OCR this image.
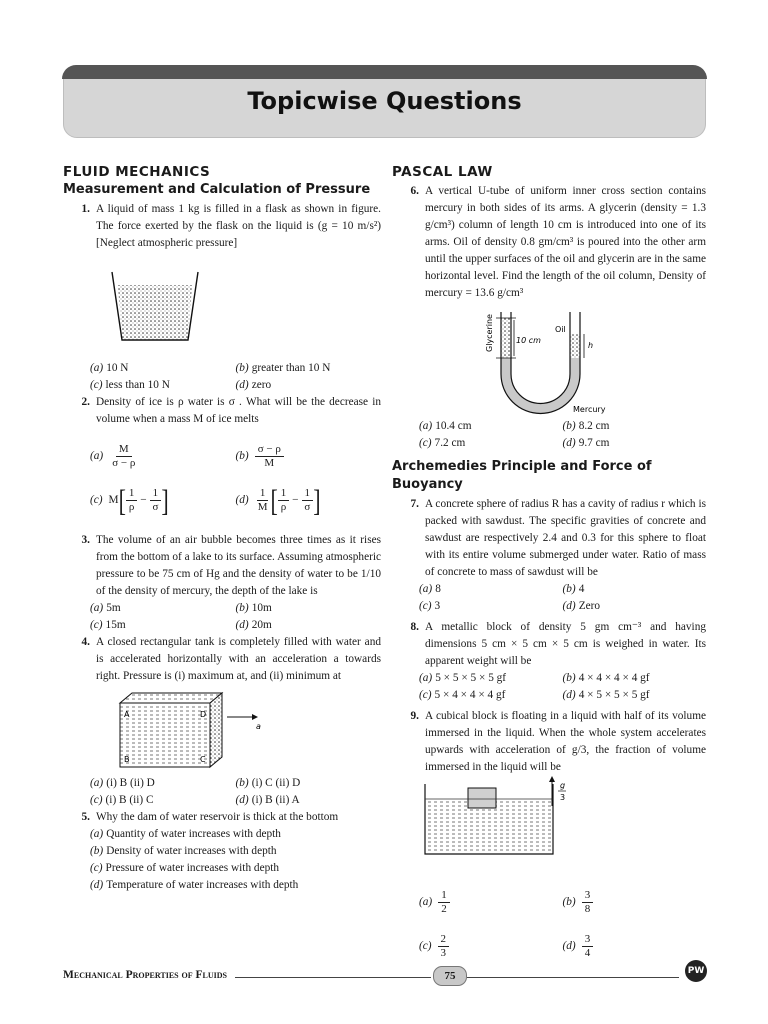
Topicwise Questions

FLUID MECHANICS

Measurement and Calculation of Pressure

1. A liquid of mass 1 kg is filled in a flask as shown in figure. The force exerted by the flask on the liquid is (g = 10 m/s²) [Neglect atmospheric pressure]

(a) 10 N	(b) greater than 10 N
(c) less than 10 N	(d) zero

2. Density of ice is ρ water is σ . What will be the decrease in volume when a mass M of ice melts

$(a) \frac{M}{\sigma - \rho}$	$(b) \frac{\sigma - \rho}{M}$
(c) M [ $\frac{1}{\rho} - \frac{1}{\sigma}$ ]	$(d) \frac{1}{M}$ [ $\frac{1}{\rho} - \frac{1}{\sigma}$ ]

3. The volume of an air bubble becomes three times as it rises from the bottom of a lake to its surface. Assuming atmospheric pressure to be 75 cm of Hg and the density of water to be 1/10 of the density of mercury, the depth of the lake is

(a) 5m	(b) 10m
(c) 15m	(d) 20m

4. A closed rectangular tank is completely filled with water and is accelerated horizontally with an acceleration a towards right. Pressure is (i) maximum at, and (ii) minimum at

A	D
B	C
a
(a) (i) B (ii) D	(b) (i) C (ii) D
(c) (i) B (ii) C	(d) (i) B (ii) A

5. Why the dam of water reservoir is thick at the bottom

(a) Quantity of water increases with depth
(b) Density of water increases with depth
(c) Pressure of water increases with depth
(d) Temperature of water increases with depth

PASCAL LAW

6. A vertical U-tube of uniform inner cross section contains mercury in both sides of its arms. A glycerin (density = 1.3 g/cm³) column of length 10 cm is introduced into one of its arms. Oil of density 0.8 gm/cm³ is poured into the other arm until the upper surfaces of the oil and glycerin are in the same horizontal level. Find the length of the oil column, Density of mercury = 13.6 g/cm³

10 cm
Glycerine	Oil
h
Mercury
(a) 10.4 cm	(b) 8.2 cm
(c) 7.2 cm	(d) 9.7 cm

Archemedies Principle and Force of Buoyancy

7. A concrete sphere of radius R has a cavity of radius r which is packed with sawdust. The specific gravities of concrete and sawdust are respectively 2.4 and 0.3 for this sphere to float with its entire volume submerged under water. Ratio of mass of concrete to mass of sawdust will be

(a) 8	(b) 4
(c) 3	(d) Zero

8. A metallic block of density 5 gm cm⁻³ and having dimensions 5 cm × 5 cm × 5 cm is weighed in water. Its apparent weight will be

(a) 5 × 5 × 5 × 5 gf	(b) 4 × 4 × 4 × 4 gf
(c) 5 × 4 × 4 × 4 gf	(d) 4 × 5 × 5 × 5 gf

9. A cubical block is floating in a liquid with half of its volume immersed in the liquid. When the whole system accelerates upwards with acceleration of g/3, the fraction of volume immersed in the liquid will be

g
3
$(a) \frac{1}{2}$	$(b) \frac{3}{8}$
$(c) \frac{2}{3}$	$(d) \frac{3}{4}$
Mechanical Properties of Fluids	75	PW
